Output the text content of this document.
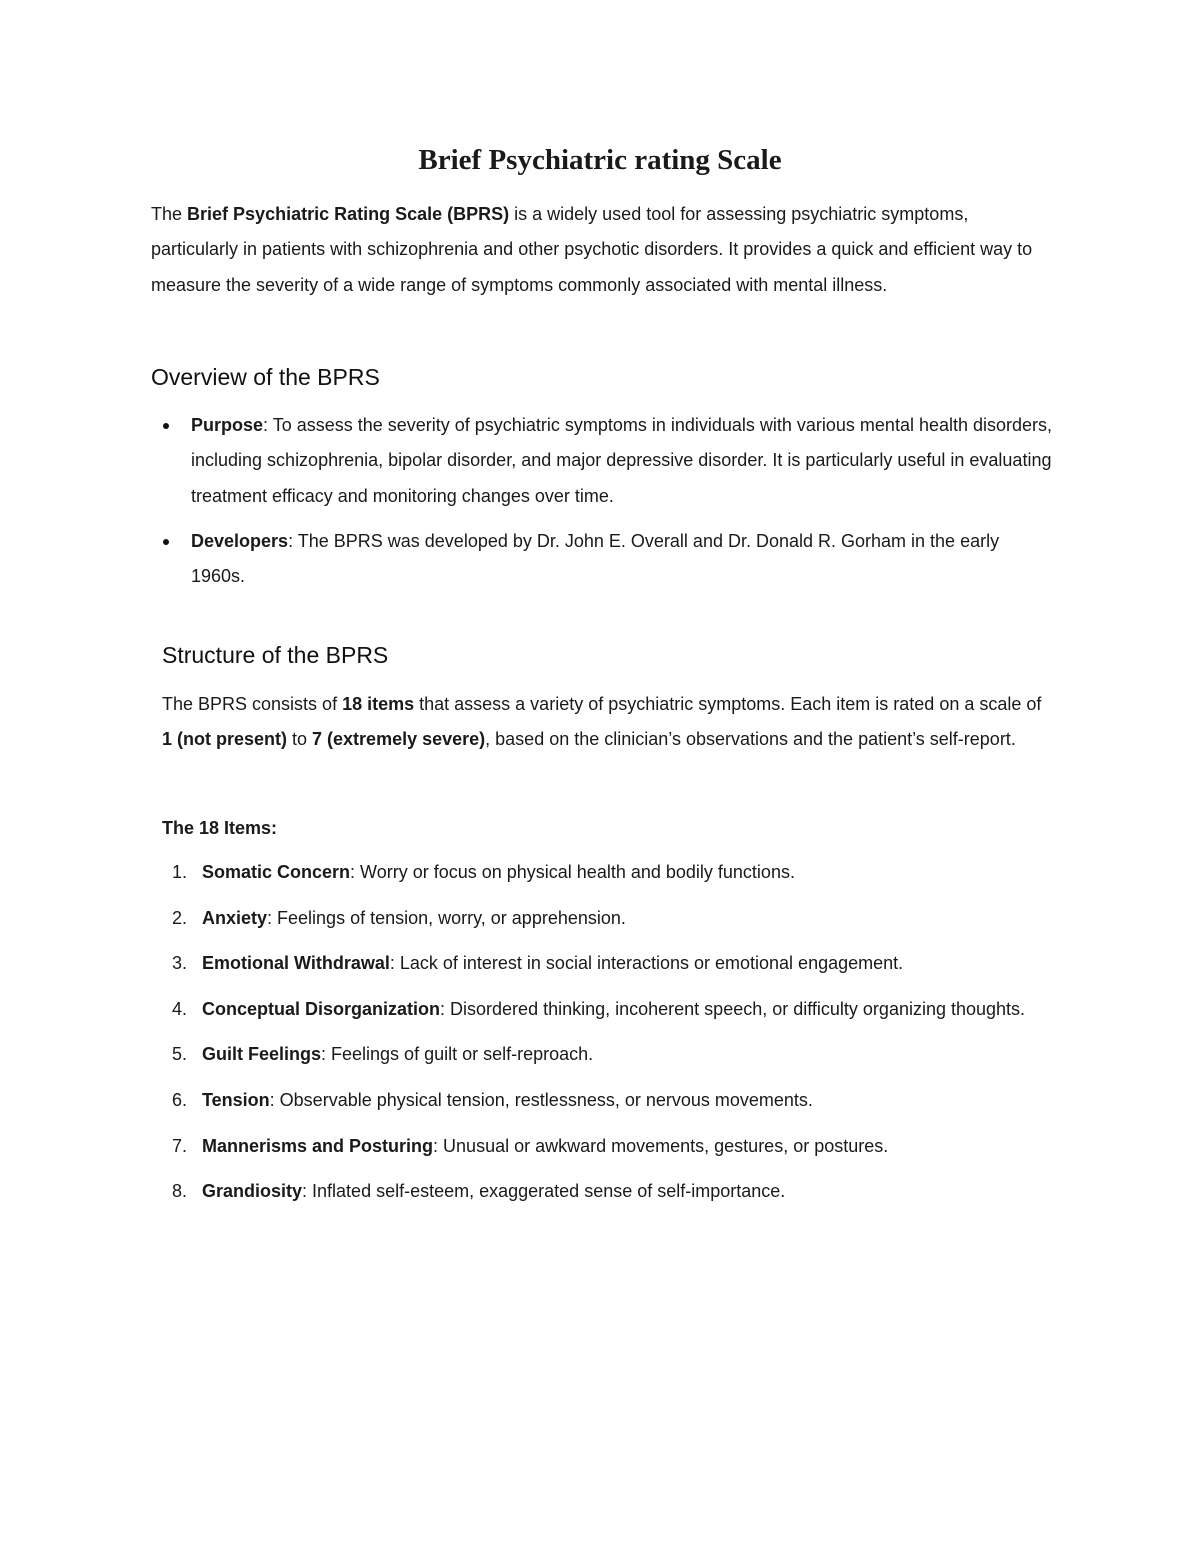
Brief Psychiatric rating Scale

The Brief Psychiatric Rating Scale (BPRS) is a widely used tool for assessing psychiatric symptoms, particularly in patients with schizophrenia and other psychotic disorders. It provides a quick and efficient way to measure the severity of a wide range of symptoms commonly associated with mental illness.

Overview of the BPRS
Purpose: To assess the severity of psychiatric symptoms in individuals with various mental health disorders, including schizophrenia, bipolar disorder, and major depressive disorder. It is particularly useful in evaluating treatment efficacy and monitoring changes over time.
Developers: The BPRS was developed by Dr. John E. Overall and Dr. Donald R. Gorham in the early 1960s.
Structure of the BPRS

The BPRS consists of 18 items that assess a variety of psychiatric symptoms. Each item is rated on a scale of 1 (not present) to 7 (extremely severe), based on the clinician’s observations and the patient’s self-report.

The 18 Items:

1. Somatic Concern: Worry or focus on physical health and bodily functions.
2. Anxiety: Feelings of tension, worry, or apprehension.
3. Emotional Withdrawal: Lack of interest in social interactions or emotional engagement.
4. Conceptual Disorganization: Disordered thinking, incoherent speech, or difficulty organizing thoughts.
5. Guilt Feelings: Feelings of guilt or self-reproach.
6. Tension: Observable physical tension, restlessness, or nervous movements.
7. Mannerisms and Posturing: Unusual or awkward movements, gestures, or postures.
8. Grandiosity: Inflated self-esteem, exaggerated sense of self-importance.
